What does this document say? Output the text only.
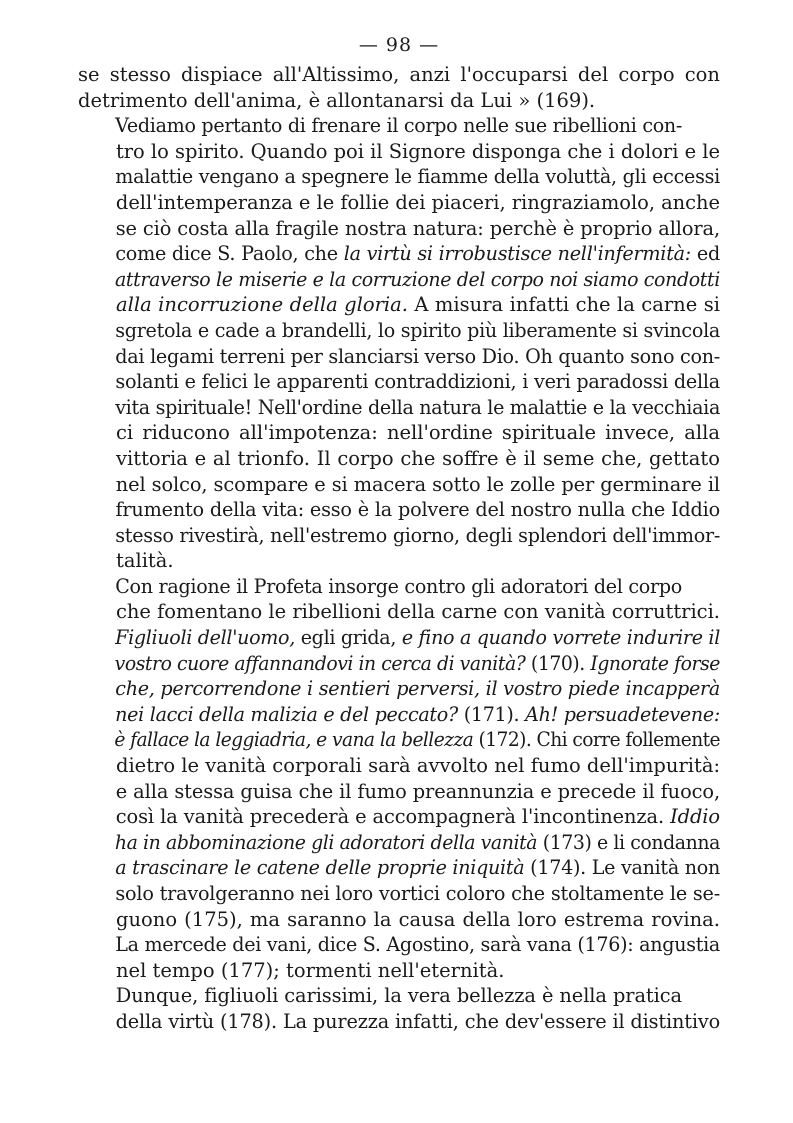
— 98 —
se stesso dispiace all'Altissimo, anzi l'occuparsi del corpo con
detrimento dell'anima, è allontanarsi da Lui » (169).
Vediamo pertanto di frenare il corpo nelle sue ribellioni con-
tro lo spirito. Quando poi il Signore disponga che i dolori e le
malattie vengano a spegnere le fiamme della voluttà, gli eccessi
dell'intemperanza e le follie dei piaceri, ringraziamolo, anche
se ciò costa alla fragile nostra natura: perchè è proprio allora,
come dice S. Paolo, che la virtù si irrobustisce nell'infermità: ed
attraverso le miserie e la corruzione del corpo noi siamo condotti
alla incorruzione della gloria. A misura infatti che la carne si
sgretola e cade a brandelli, lo spirito più liberamente si svincola
dai legami terreni per slanciarsi verso Dio. Oh quanto sono con-
solanti e felici le apparenti contraddizioni, i veri paradossi della
vita spirituale! Nell'ordine della natura le malattie e la vecchiaia
ci riducono all'impotenza: nell'ordine spirituale invece, alla
vittoria e al trionfo. Il corpo che soffre è il seme che, gettato
nel solco, scompare e si macera sotto le zolle per germinare il
frumento della vita: esso è la polvere del nostro nulla che Iddio
stesso rivestirà, nell'estremo giorno, degli splendori dell'immor-
talità.
Con ragione il Profeta insorge contro gli adoratori del corpo
che fomentano le ribellioni della carne con vanità corruttrici.
Figliuoli dell'uomo, egli grida, e fino a quando vorrete indurire il
vostro cuore affannandovi in cerca di vanità? (170). Ignorate forse
che, percorrendone i sentieri perversi, il vostro piede incapperà
nei lacci della malizia e del peccato? (171). Ah! persuadetevene:
è fallace la leggiadria, e vana la bellezza (172). Chi corre follemente
dietro le vanità corporali sarà avvolto nel fumo dell'impurità:
e alla stessa guisa che il fumo preannunzia e precede il fuoco,
così la vanità precederà e accompagnerà l'incontinenza. Iddio
ha in abbominazione gli adoratori della vanità (173) e li condanna
a trascinare le catene delle proprie iniquità (174). Le vanità non
solo travolgeranno nei loro vortici coloro che stoltamente le se-
guono (175), ma saranno la causa della loro estrema rovina.
La mercede dei vani, dice S. Agostino, sarà vana (176): angustia
nel tempo (177); tormenti nell'eternità.
Dunque, figliuoli carissimi, la vera bellezza è nella pratica
della virtù (178). La purezza infatti, che dev'essere il distintivo
